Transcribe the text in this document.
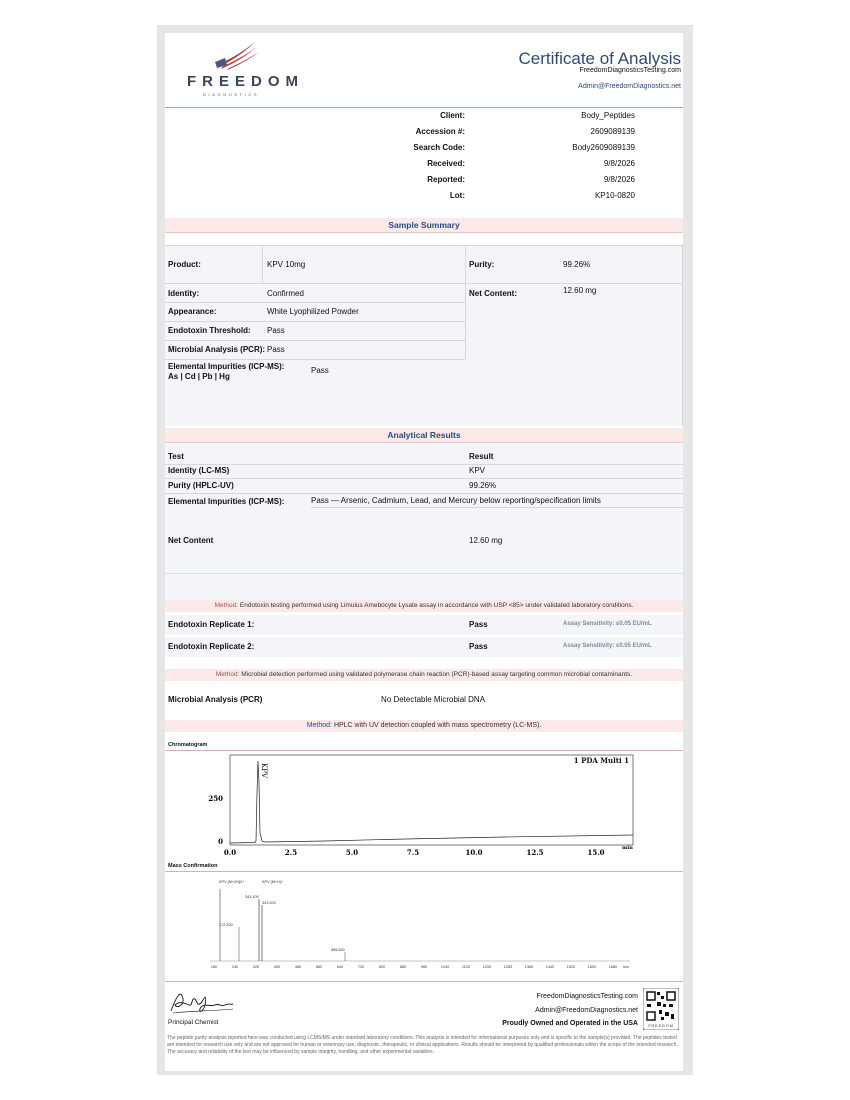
FREEDOM
DIAGNOSTICS
Certificate of Analysis
FreedomDiagnosticsTesting.com
Admin@FreedomDiagnostics.net
Client:	Body_Peptides
Accession #:	2609089139
Search Code:	Body2609089139
Received:	9/8/2026
Reported:	9/8/2026
Lot:	KP10-0820
Sample Summary
Product:	KPV 10mg	Purity:	99.26%
Identity:	Confirmed	Net Content:	12.60 mg
Appearance:	White Lyophilized Powder
Endotoxin Threshold: Pass
Microbial Analysis (PCR): Pass
Elemental Impurities (ICP-MS):
As | Cd | Pb | Hg
Pass
Analytical Results
Test	Result
Identity (LC-MS)	KPV
Purity (HPLC-UV)	99.26%
Elemental Impurities (ICP-MS):	Pass — Arsenic, Cadmium, Lead, and Mercury below reporting/specification limits
Net Content	12.60 mg
Method: Endotoxin testing performed using Limulus Amebocyte Lysate assay in accordance with USP <85> under validated laboratory conditions.
Endotoxin Replicate 1:	Pass	Assay Sensitivity: ≤0.05 EU/mL
Endotoxin Replicate 2:	Pass	Assay Sensitivity: ≤0.05 EU/mL
Method: Microbial detection performed using validated polymerase chain reaction (PCR)-based assay targeting common microbial contaminants.
Microbial Analysis (PCR)	No Detectable Microbial DNA
Method: HPLC with UV detection coupled with mass spectrometry (LC-MS).
Chromatogram
KPV
1 PDA Multi 1
250
0
0.0	2.5	5.0	7.5	10.0	12.5	15.0	min
Mass Confirmation
KPV [M+2H]2+	KPV [M+H]+
343.100
343.200
172.300
585.650
160	240	320	400	480	560	640	720	800	880	960	1040	1120	1200	1280	1360	1440	1520	1600	1680 m/z
Principal Chemist
FreedomDiagnosticsTesting.com
Admin@FreedomDiagnostics.net
Proudly Owned and Operated in the USA	FREEDOM
The peptide purity analysis reported here was conducted using LCMS/MS under standard laboratory conditions. This analysis is intended for informational purposes only and is specific to the sample(s) provided. The peptides tested are intended for research use only and are not approved for human or veterinary use, diagnostic, therapeutic, or clinical applications. Results should be interpreted by qualified professionals within the scope of the intended research. The accuracy and reliability of the test may be influenced by sample integrity, handling, and other experimental variables.
